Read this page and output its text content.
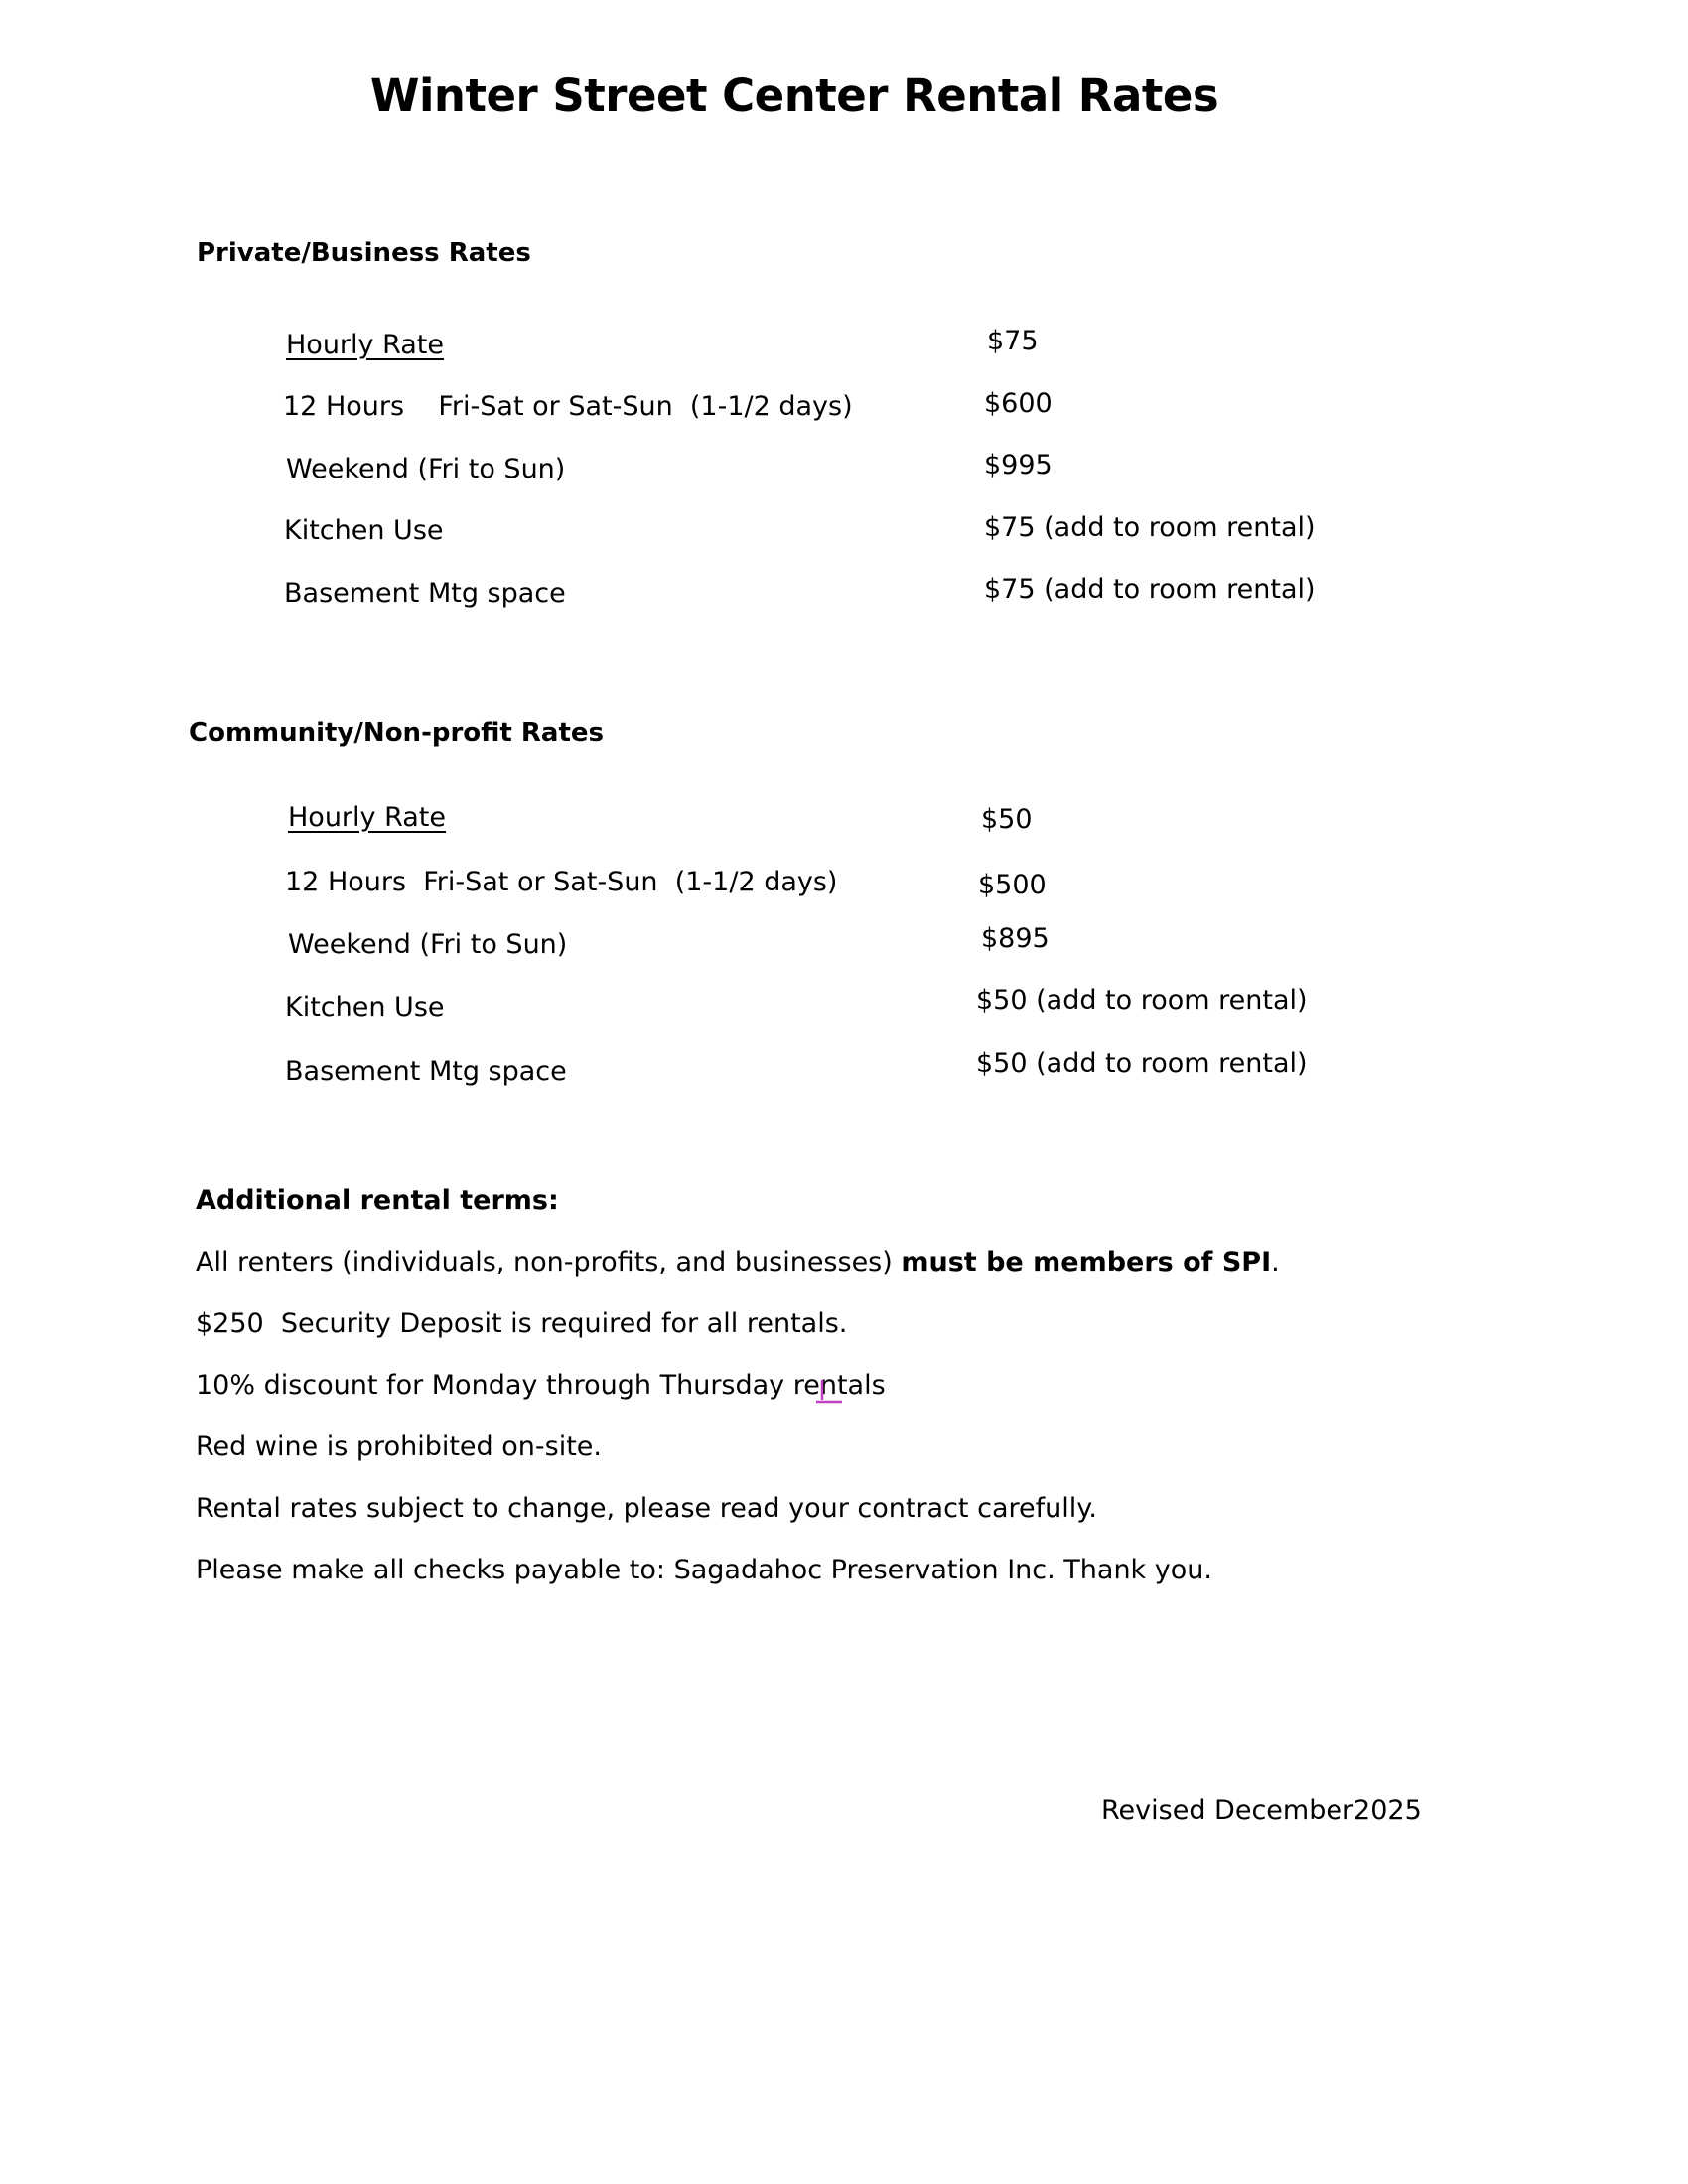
Winter Street Center Rental Rates
Private/Business Rates
Hourly Rate	$75
12 Hours    Fri-Sat or Sat-Sun  (1-1/2 days)	$600
Weekend (Fri to Sun)	$995
Kitchen Use	$75 (add to room rental)
Basement Mtg space	$75 (add to room rental)
Community/Non-profit Rates
Hourly Rate	$50
12 Hours  Fri-Sat or Sat-Sun  (1-1/2 days)	$500
Weekend (Fri to Sun)	$895
Kitchen Use	$50 (add to room rental)
Basement Mtg space	$50 (add to room rental)
Additional rental terms:
All renters (individuals, non-profits, and businesses) must be members of SPI.
$250  Security Deposit is required for all rentals.
10% discount for Monday through Thursday rentals
Red wine is prohibited on-site.
Rental rates subject to change, please read your contract carefully.
Please make all checks payable to: Sagadahoc Preservation Inc. Thank you.
Revised December2025
